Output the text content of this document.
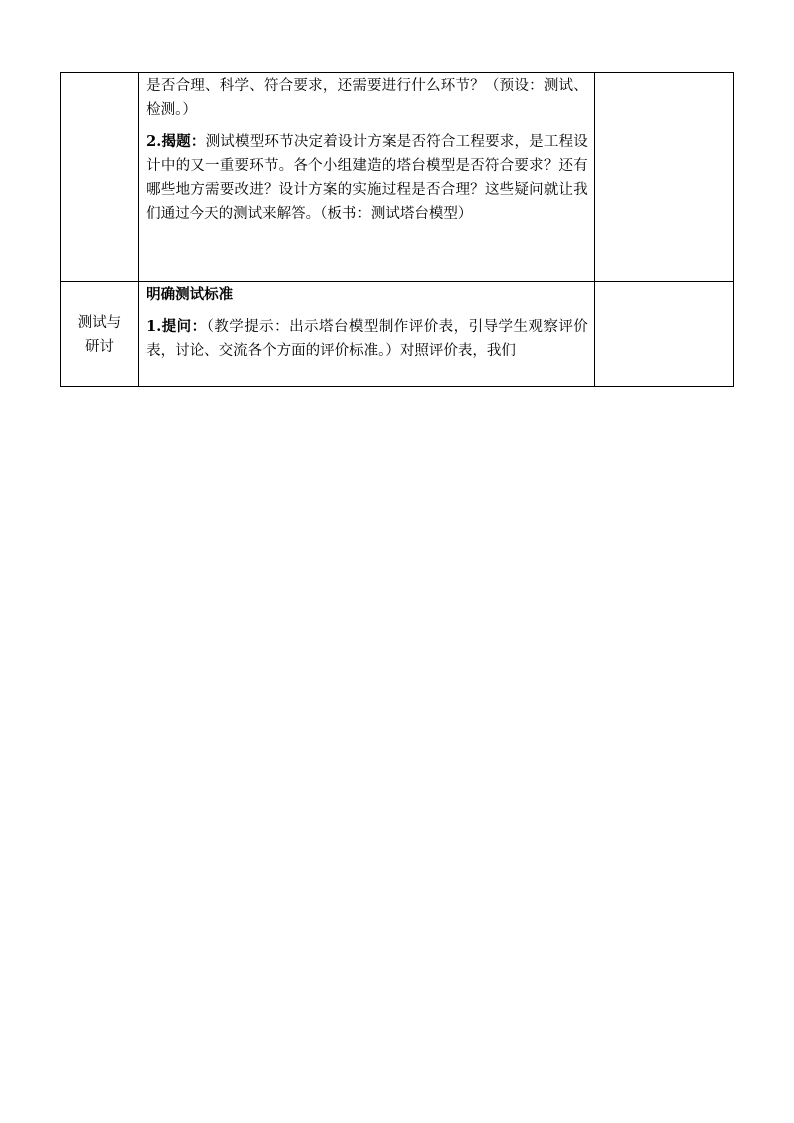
	是否合理、科学、符合要求，还需要进行什么环节？（预设：测试、检测。）

2.揭题：测试模型环节决定着设计方案是否符合工程要求，是工程设计中的又一重要环节。各个小组建造的塔台模型是否符合要求？还有哪些地方需要改进？设计方案的实施过程是否合理？这些疑问就让我们通过今天的测试来解答。（板书：测试塔台模型）	

测试与研讨	明确测试标准

1.提问：（教学提示：出示塔台模型制作评价表，引导学生观察评价表，讨论、交流各个方面的评价标准。）对照评价表，我们	
